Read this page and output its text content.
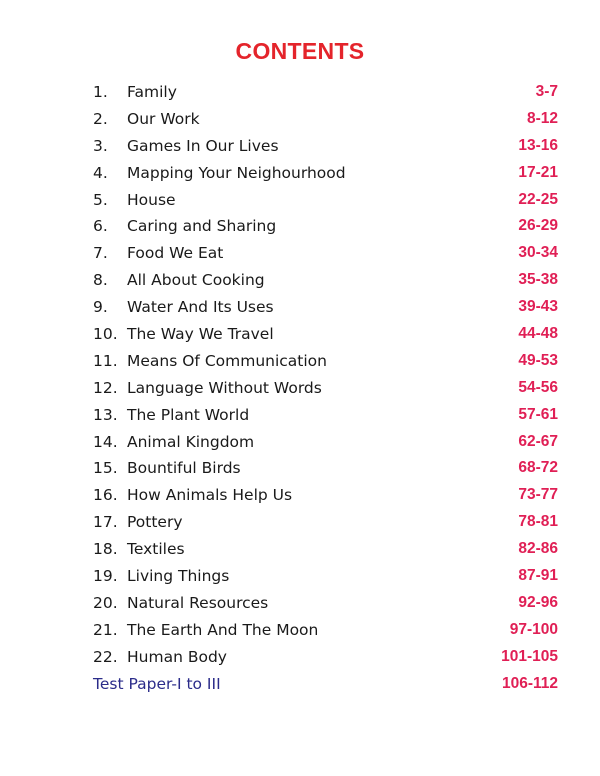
CONTENTS
1. Family	3-7
2. Our Work	8-12
3. Games In Our Lives	13-16
4. Mapping Your Neighourhood	17-21
5. House	22-25
6. Caring and Sharing	26-29
7. Food We Eat	30-34
8. All About Cooking	35-38
9. Water And Its Uses	39-43
10. The Way We Travel	44-48
11. Means Of Communication	49-53
12. Language Without Words	54-56
13. The Plant World	57-61
14. Animal Kingdom	62-67
15. Bountiful Birds	68-72
16. How Animals Help Us	73-77
17. Pottery	78-81
18. Textiles	82-86
19. Living Things	87-91
20. Natural Resources	92-96
21. The Earth And The Moon	97-100
22. Human Body	101-105
Test Paper-I to III	106-112
